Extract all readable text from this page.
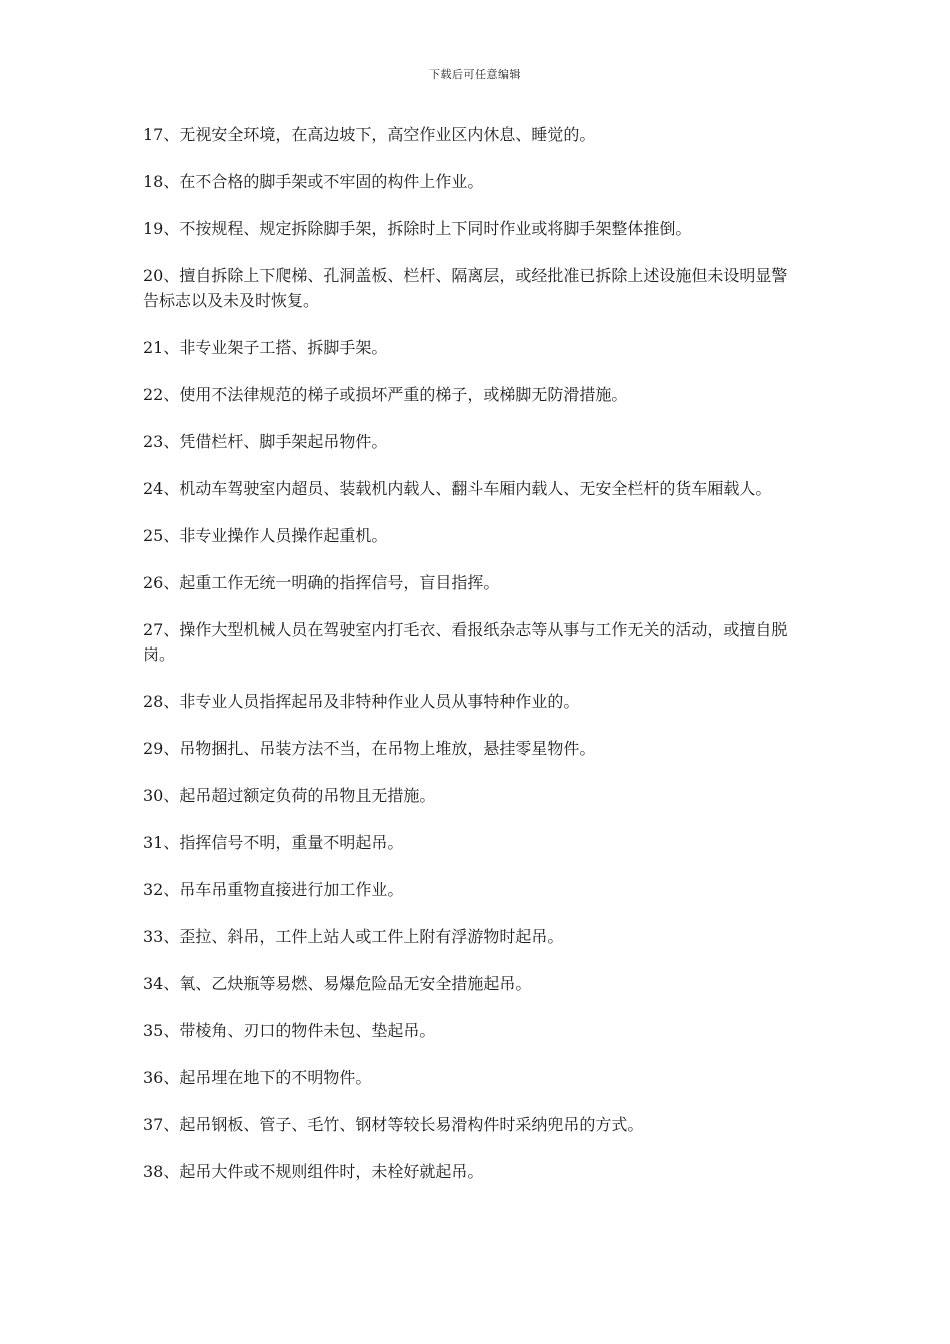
下载后可任意编辑
17、无视安全环境，在高边坡下，高空作业区内休息、睡觉的。
18、在不合格的脚手架或不牢固的构件上作业。
19、不按规程、规定拆除脚手架，拆除时上下同时作业或将脚手架整体推倒。
20、擅自拆除上下爬梯、孔洞盖板、栏杆、隔离层，或经批准已拆除上述设施但未设明显警告标志以及未及时恢复。
21、非专业架子工搭、拆脚手架。
22、使用不法律规范的梯子或损坏严重的梯子，或梯脚无防滑措施。
23、凭借栏杆、脚手架起吊物件。
24、机动车驾驶室内超员、装载机内载人、翻斗车厢内载人、无安全栏杆的货车厢载人。
25、非专业操作人员操作起重机。
26、起重工作无统一明确的指挥信号，盲目指挥。
27、操作大型机械人员在驾驶室内打毛衣、看报纸杂志等从事与工作无关的活动，或擅自脱岗。
28、非专业人员指挥起吊及非特种作业人员从事特种作业的。
29、吊物捆扎、吊装方法不当，在吊物上堆放，悬挂零星物件。
30、起吊超过额定负荷的吊物且无措施。
31、指挥信号不明，重量不明起吊。
32、吊车吊重物直接进行加工作业。
33、歪拉、斜吊，工件上站人或工件上附有浮游物时起吊。
34、氧、乙炔瓶等易燃、易爆危险品无安全措施起吊。
35、带棱角、刃口的物件未包、垫起吊。
36、起吊埋在地下的不明物件。
37、起吊钢板、管子、毛竹、钢材等较长易滑构件时采纳兜吊的方式。
38、起吊大件或不规则组件时，未栓好就起吊。
